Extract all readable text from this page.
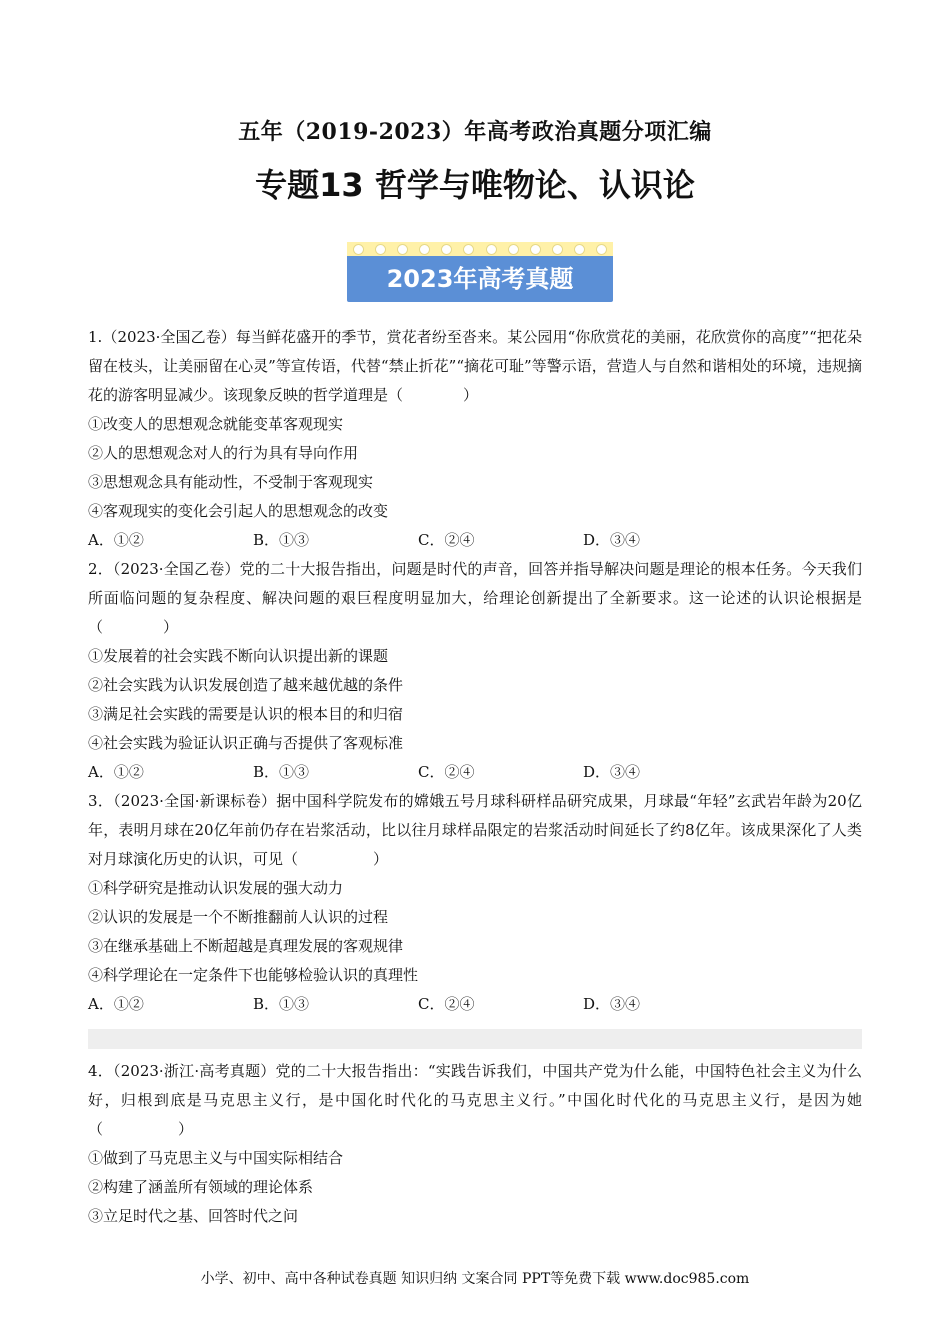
五年（2019-2023）年高考政治真题分项汇编
专题13 哲学与唯物论、认识论
2023年高考真题

1.（2023·全国乙卷）每当鲜花盛开的季节，赏花者纷至沓来。某公园用“你欣赏花的美丽，花欣赏你的高度”“把花朵留在枝头，让美丽留在心灵”等宣传语，代替“禁止折花”“摘花可耻”等警示语，营造人与自然和谐相处的环境，违规摘花的游客明显减少。该现象反映的哲学道理是（　　　　）

①改变人的思想观念就能变革客观现实

②人的思想观念对人的行为具有导向作用

③思想观念具有能动性，不受制于客观现实

④客观现实的变化会引起人的思想观念的改变

A．①②	B．①③	C．②④	D．③④

2．（2023·全国乙卷）党的二十大报告指出，问题是时代的声音，回答并指导解决问题是理论的根本任务。今天我们所面临问题的复杂程度、解决问题的艰巨程度明显加大，给理论创新提出了全新要求。这一论述的认识论根据是（　　　　）

①发展着的社会实践不断向认识提出新的课题

②社会实践为认识发展创造了越来越优越的条件

③满足社会实践的需要是认识的根本目的和归宿

④社会实践为验证认识正确与否提供了客观标准

A．①②	B．①③	C．②④	D．③④

3．（2023·全国·新课标卷）据中国科学院发布的嫦娥五号月球科研样品研究成果，月球最“年轻”玄武岩年龄为20亿年，表明月球在20亿年前仍存在岩浆活动，比以往月球样品限定的岩浆活动时间延长了约8亿年。该成果深化了人类对月球演化历史的认识，可见（　　　　　）

①科学研究是推动认识发展的强大动力

②认识的发展是一个不断推翻前人认识的过程

③在继承基础上不断超越是真理发展的客观规律

④科学理论在一定条件下也能够检验认识的真理性

A．①②	B．①③	C．②④	D．③④

4．（2023·浙江·高考真题）党的二十大报告指出：“实践告诉我们，中国共产党为什么能，中国特色社会主义为什么好，归根到底是马克思主义行，是中国化时代化的马克思主义行。”中国化时代化的马克思主义行，是因为她（　　　　　）

①做到了马克思主义与中国实际相结合

②构建了涵盖所有领域的理论体系

③立足时代之基、回答时代之问

小学、初中、高中各种试卷真题 知识归纳 文案合同 PPT等免费下载 www.doc985.com
